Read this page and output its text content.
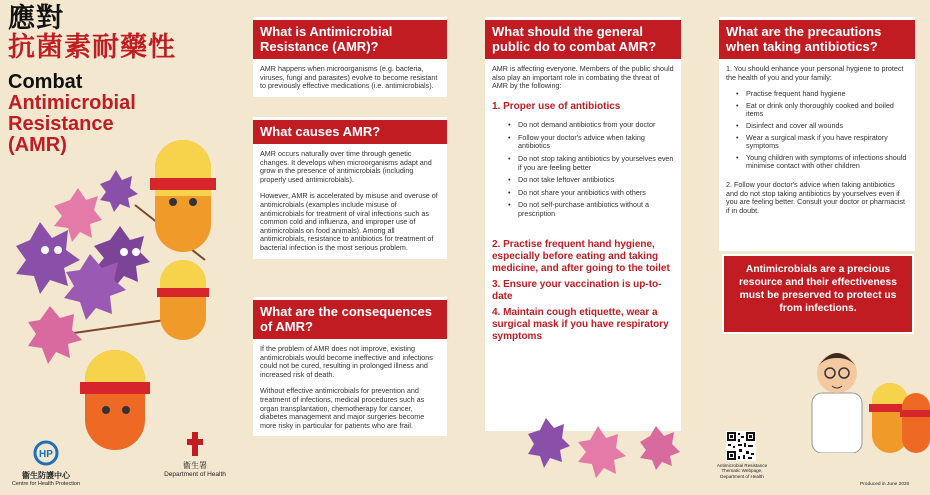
應對
抗菌素耐藥性
Combat
Antimicrobial
Resistance
(AMR)
HP
衞生防護中心
Centre for Health Protection
衞生署
Department of Health
What is Antimicrobial Resistance (AMR)?

AMR happens when microorganisms (e.g. bacteria, viruses, fungi and parasites) evolve to become resistant to previously effective medications (i.e. antimicrobials).

What causes AMR?

AMR occurs naturally over time through genetic changes. It develops when microorganisms adapt and grow in the presence of antimicrobials (including properly used antimicrobials).

However, AMR is accelerated by misuse and overuse of antimicrobials (examples include misuse of antimicrobials for treatment of viral infections such as common cold and influenza, and improper use of antimicrobials on food animals). Among all antimicrobials, resistance to antibiotics for treatment of bacterial infection is the most serious problem.

What are the consequences of AMR?

If the problem of AMR does not improve, existing antimicrobials would become ineffective and infections could not be cured, resulting in prolonged illness and increased risk of death.

Without effective antimicrobials for prevention and treatment of infections, medical procedures such as organ transplantation, chemotherapy for cancer, diabetes management and major surgeries become more risky in particular for patients who are frail.

What should the general public do to combat AMR?

AMR is affecting everyone. Members of the public should also play an important role in combating the threat of AMR by the following:

1. Proper use of antibiotics
• Do not demand antibiotics from your doctor
• Follow your doctor's advice when taking antibiotics
• Do not stop taking antibiotics by yourselves even if you are feeling better
• Do not take leftover antibiotics
• Do not share your antibiotics with others
• Do not self-purchase antibiotics without a prescription
2. Practise frequent hand hygiene, especially before eating and taking medicine, and after going to the toilet
3. Ensure your vaccination is up-to-date
4. Maintain cough etiquette, wear a surgical mask if you have respiratory symptoms
What are the precautions when taking antibiotics?

1. You should enhance your personal hygiene to protect the health of you and your family:

• Practise frequent hand hygiene
• Eat or drink only thoroughly cooked and boiled items
• Disinfect and cover all wounds
• Wear a surgical mask if you have respiratory symptoms
• Young children with symptoms of infections should minimise contact with other children

2. Follow your doctor's advice when taking antibiotics and do not stop taking antibiotics by yourselves even if you are feeling better. Consult your doctor or pharmacist if in doubt.

Antimicrobials are a precious resource and their effectiveness must be preserved to protect us from infections.
Antimicrobial Resistance
Thematic Webpage,
Department of Health
Produced in June 2020
